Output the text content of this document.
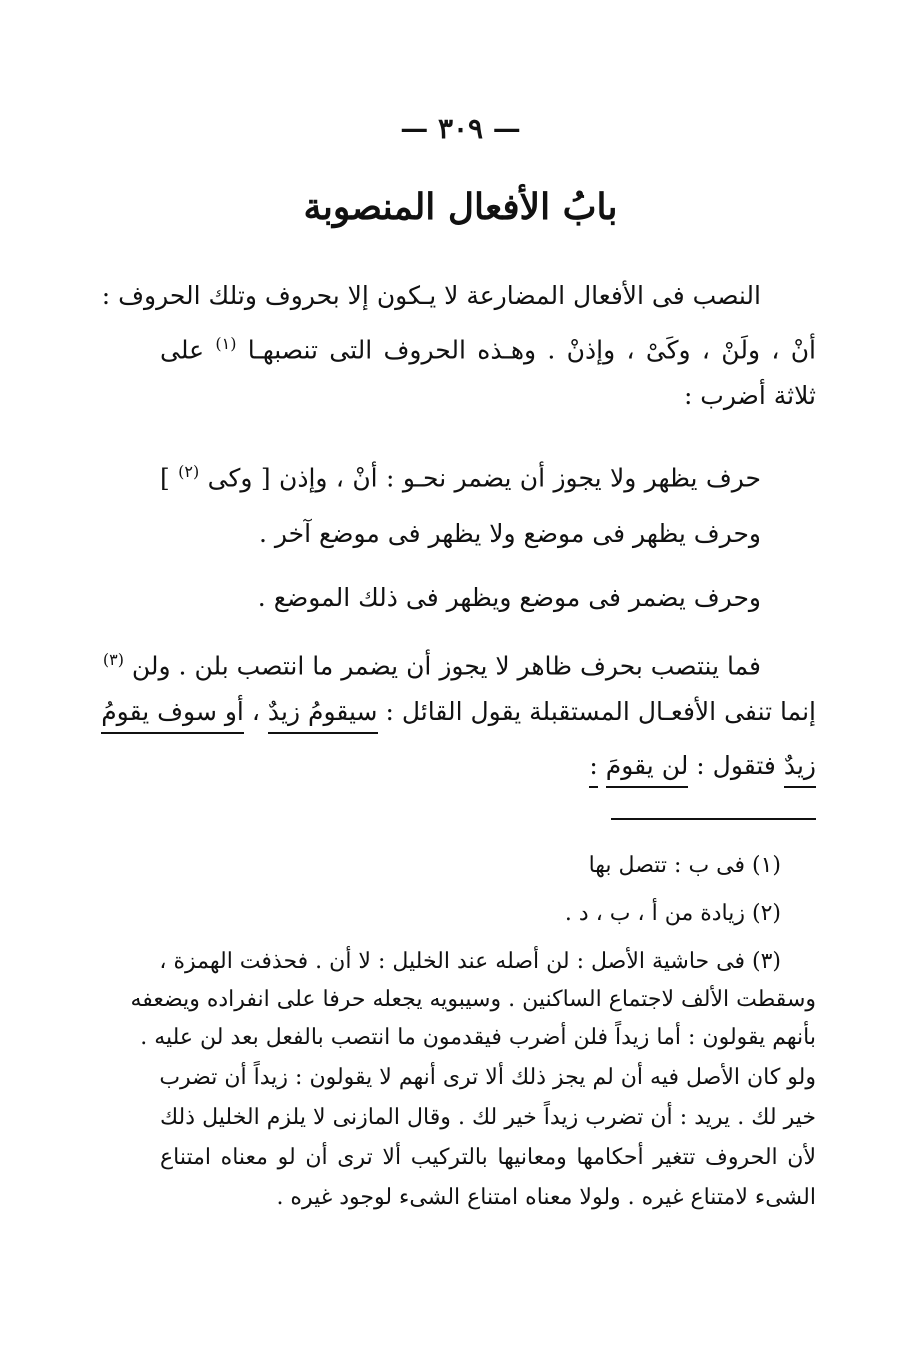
— ٣٠٩ —
بابُ الأفعال المنصوبة
النصب فى الأفعال المضارعة لا يـكون إلا بحروف وتلك الحروف :
أنْ ، ولَنْ ، وكَىْ ، وإذنْ . وهـذه الحروف التى تنصبهـا $^{(١)}$ على
ثلاثة أضرب :
حرف يظهر ولا يجوز أن يضمر نحـو : أنْ ، وإذن [ وكى $^{(٢)}$ ]
وحرف يظهر فى موضع ولا يظهر فى موضع آخر .
وحرف يضمر فى موضع ويظهر فى ذلك الموضع .
فما ينتصب بحرف ظاهر لا يجوز أن يضمر ما انتصب بلن . ولن $^{(٣)}$
إنما تنفى الأفعـال المستقبلة يقول القائل : سيقومُ زيدٌ ، أو سوف يقومُ
زيدٌ فتقول : لن يقومَ :
(١) فى ب : تتصل بها
(٢) زيادة من أ ، ب ، د .
(٣) فى حاشية الأصل : لن أصله عند الخليل : لا أن . فحذفت الهمزة ،
وسقطت الألف لاجتماع الساكنين . وسيبويه يجعله حرفا على انفراده ويضعفه
بأنهم يقولون : أما زيداً فلن أضرب فيقدمون ما انتصب بالفعل بعد لن عليه .
ولو كان الأصل فيه أن لم يجز ذلك ألا ترى أنهم لا يقولون : زيداً أن تضرب
خير لك . يريد : أن تضرب زيداً خير لك . وقال المازنى لا يلزم الخليل ذلك
لأن الحروف تتغير أحكامها ومعانيها بالتركيب ألا ترى أن لو معناه امتناع
الشىء لامتناع غيره . ولولا معناه امتناع الشىء لوجود غيره .
